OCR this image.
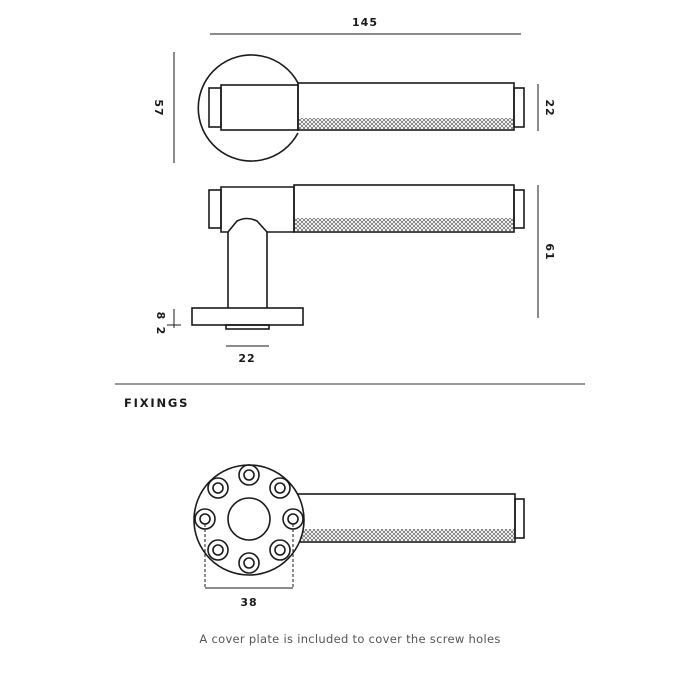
145
57	22
61
8
2
22
38
FIXINGS
A cover plate is included to cover the screw holes
